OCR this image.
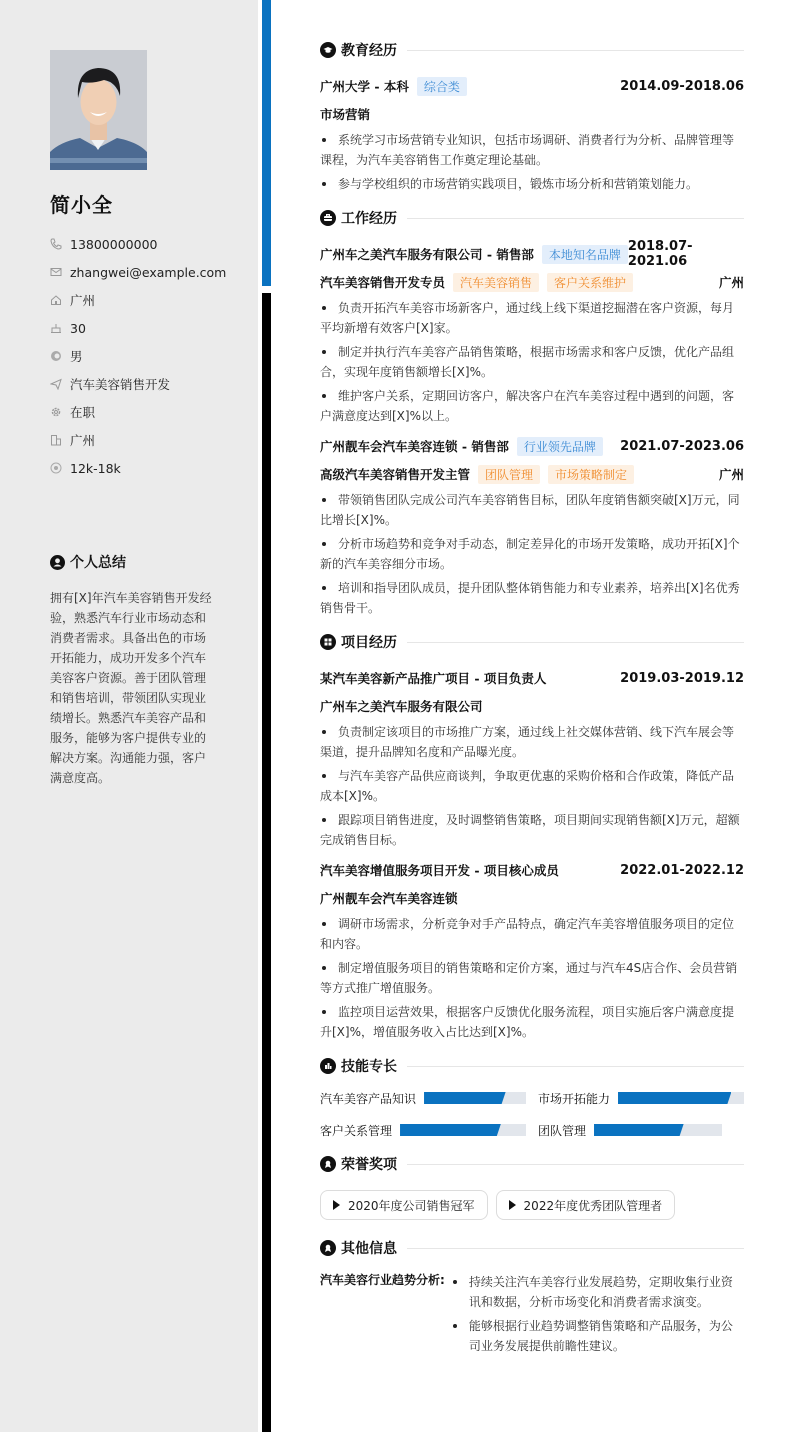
简小全
13800000000
zhangwei@example.com
广州
30
男
汽车美容销售开发
在职
广州
12k-18k
个人总结
拥有[X]年汽车美容销售开发经验，熟悉汽车行业市场动态和消费者需求。具备出色的市场开拓能力，成功开发多个汽车美容客户资源。善于团队管理和销售培训，带领团队实现业绩增长。熟悉汽车美容产品和服务，能够为客户提供专业的解决方案。沟通能力强，客户满意度高。
教育经历
广州大学 - 本科	综合类	2014.09-2018.06
市场营销
系统学习市场营销专业知识，包括市场调研、消费者行为分析、品牌管理等课程，为汽车美容销售工作奠定理论基础。
参与学校组织的市场营销实践项目，锻炼市场分析和营销策划能力。
工作经历
广州车之美汽车服务有限公司 - 销售部	本地知名品牌
2018.07-2021.06
汽车美容销售开发专员	汽车美容销售	客户关系维护	广州
负责开拓汽车美容市场新客户，通过线上线下渠道挖掘潜在客户资源，每月平均新增有效客户[X]家。
制定并执行汽车美容产品销售策略，根据市场需求和客户反馈，优化产品组合，实现年度销售额增长[X]%。
维护客户关系，定期回访客户，解决客户在汽车美容过程中遇到的问题，客户满意度达到[X]%以上。
广州靓车会汽车美容连锁 - 销售部	行业领先品牌	2021.07-2023.06
高级汽车美容销售开发主管	团队管理	市场策略制定	广州
带领销售团队完成公司汽车美容销售目标，团队年度销售额突破[X]万元，同比增长[X]%。
分析市场趋势和竞争对手动态，制定差异化的市场开发策略，成功开拓[X]个新的汽车美容细分市场。
培训和指导团队成员，提升团队整体销售能力和专业素养，培养出[X]名优秀销售骨干。
项目经历
某汽车美容新产品推广项目 - 项目负责人	2019.03-2019.12
广州车之美汽车服务有限公司
负责制定该项目的市场推广方案，通过线上社交媒体营销、线下汽车展会等渠道，提升品牌知名度和产品曝光度。
与汽车美容产品供应商谈判，争取更优惠的采购价格和合作政策，降低产品成本[X]%。
跟踪项目销售进度，及时调整销售策略，项目期间实现销售额[X]万元，超额完成销售目标。
汽车美容增值服务项目开发 - 项目核心成员	2022.01-2022.12
广州靓车会汽车美容连锁
调研市场需求，分析竞争对手产品特点，确定汽车美容增值服务项目的定位和内容。
制定增值服务项目的销售策略和定价方案，通过与汽车4S店合作、会员营销等方式推广增值服务。
监控项目运营效果，根据客户反馈优化服务流程，项目实施后客户满意度提升[X]%，增值服务收入占比达到[X]%。
技能专长
汽车美容产品知识	市场开拓能力
客户关系管理	团队管理
荣誉奖项
2020年度公司销售冠军	2022年度优秀团队管理者
其他信息
汽车美容行业趋势分析:	持续关注汽车美容行业发展趋势，定期收集行业资讯和数据，分析市场变化和消费者需求演变。
能够根据行业趋势调整销售策略和产品服务，为公司业务发展提供前瞻性建议。
